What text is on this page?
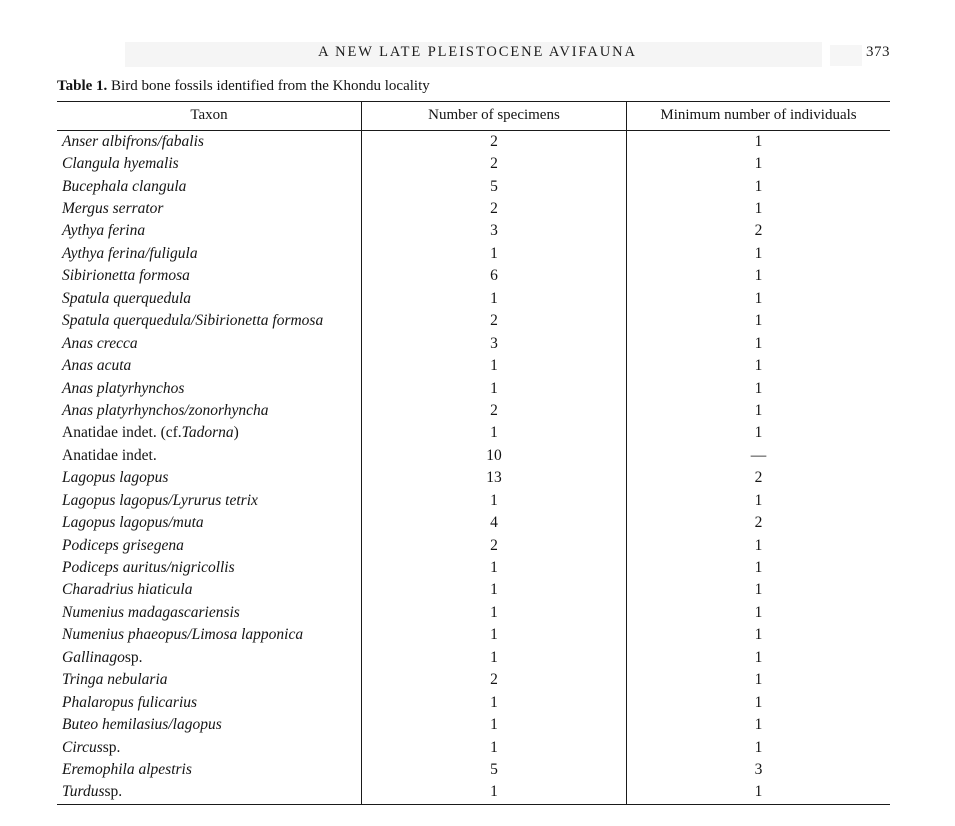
A NEW LATE PLEISTOCENE AVIFAUNA	373
Table 1. Bird bone fossils identified from the Khondu locality
Taxon	Number of specimens	Minimum number of individuals
Anser albifrons/fabalis	2	1
Clangula hyemalis	2	1
Bucephala clangula	5	1
Mergus serrator	2	1
Aythya ferina	3	2
Aythya ferina/fuligula	1	1
Sibirionetta formosa	6	1
Spatula querquedula	1	1
Spatula querquedula/Sibirionetta formosa	2	1
Anas crecca	3	1
Anas acuta	1	1
Anas platyrhynchos	1	1
Anas platyrhynchos/zonorhyncha	2	1
Anatidae indet. (cf. Tadorna )	1	1
Anatidae indet.	10	—
Lagopus lagopus	13	2
Lagopus lagopus/Lyrurus tetrix	1	1
Lagopus lagopus/muta	4	2
Podiceps grisegena	2	1
Podiceps auritus/nigricollis	1	1
Charadrius hiaticula	1	1
Numenius madagascariensis	1	1
Numenius phaeopus/Limosa lapponica	1	1
Gallinago sp.	1	1
Tringa nebularia	2	1
Phalaropus fulicarius	1	1
Buteo hemilasius/lagopus	1	1
Circus sp.	1	1
Eremophila alpestris	5	3
Turdus sp.	1	1
